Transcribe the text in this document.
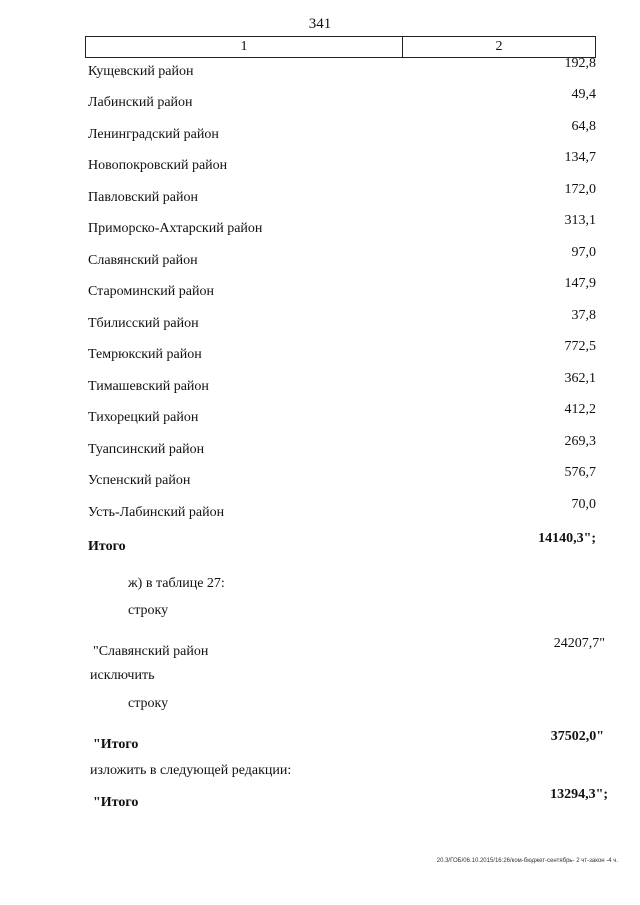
341
1	2
Кущевский район
192,8
Лабинский район
49,4
Ленинградский район
64,8
Новопокровский район
134,7
Павловский район
172,0
Приморско-Ахтарский район
313,1
Славянский район
97,0
Староминский район
147,9
Тбилисский район
37,8
Темрюкский район
772,5
Тимашевский район
362,1
Тихорецкий район
412,2
Туапсинский район
269,3
Успенский район
576,7
Усть-Лабинский район
70,0
Итого
14140,3";
ж) в таблице 27:
строку
"Славянский район
24207,7"
исключить
строку
"Итого
37502,0"
изложить в следующей редакции:
"Итого
13294,3";
20.3/ГОБ/06.10.2015/16:26/ком-бюджет-сентябрь- 2 чт-закон -4 ч.
